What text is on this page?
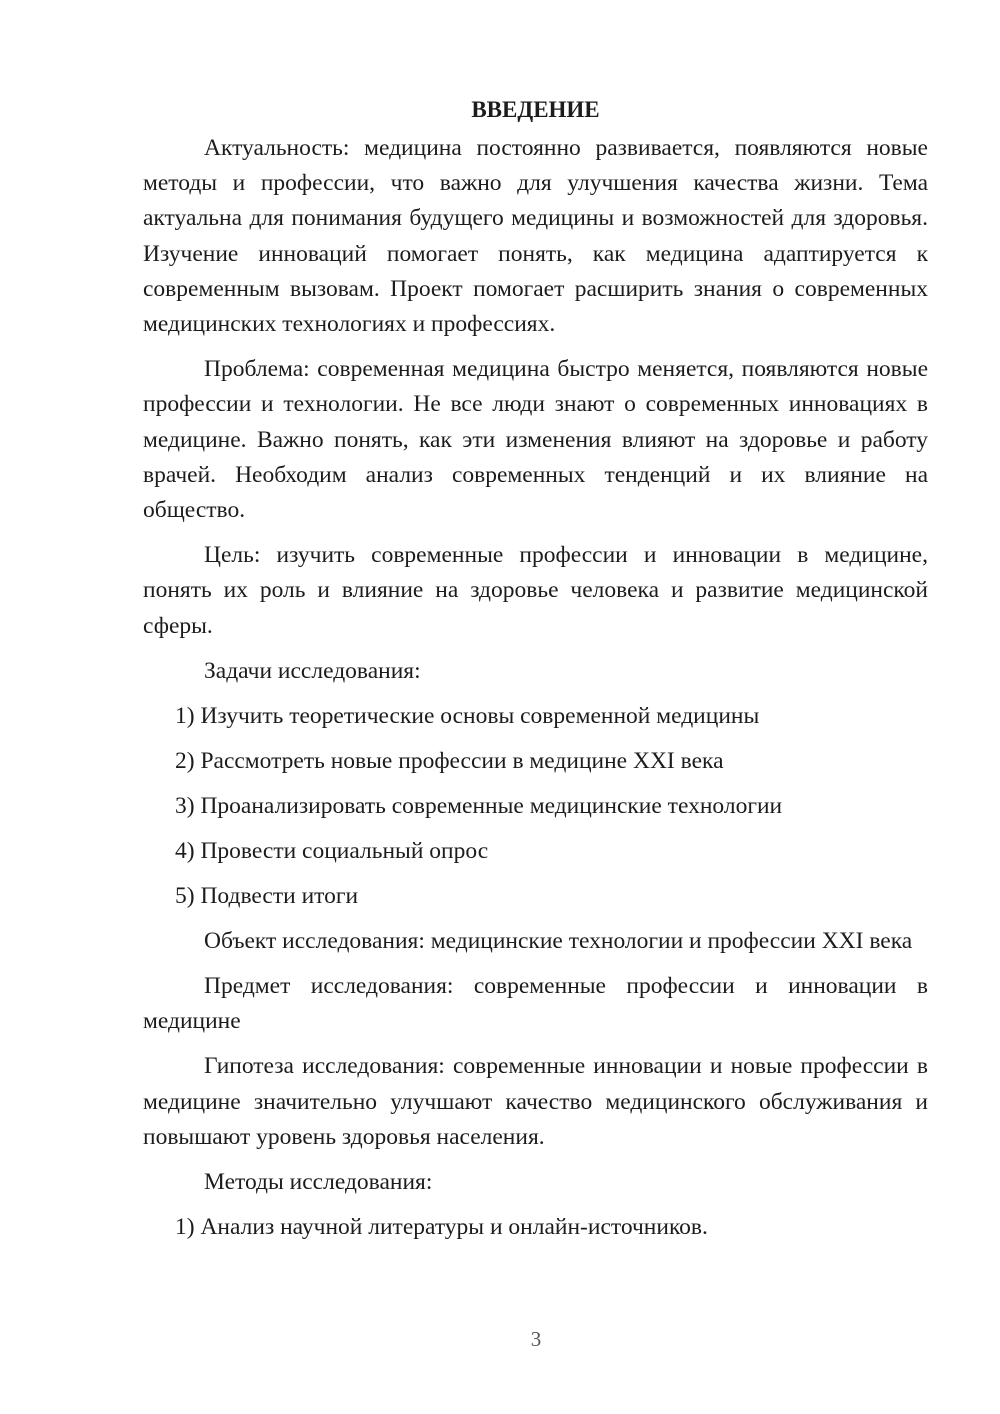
ВВЕДЕНИЕ

Актуальность: медицина постоянно развивается, появляются новые методы и профессии, что важно для улучшения качества жизни. Тема актуальна для понимания будущего медицины и возможностей для здоровья. Изучение инноваций помогает понять, как медицина адаптируется к современным вызовам. Проект помогает расширить знания о современных медицинских технологиях и профессиях.

Проблема: современная медицина быстро меняется, появляются новые профессии и технологии. Не все люди знают о современных инновациях в медицине. Важно понять, как эти изменения влияют на здоровье и работу врачей. Необходим анализ современных тенденций и их влияние на общество.

Цель: изучить современные профессии и инновации в медицине, понять их роль и влияние на здоровье человека и развитие медицинской сферы.

Задачи исследования:

1) Изучить теоретические основы современной медицины

2) Рассмотреть новые профессии в медицине XXI века

3) Проанализировать современные медицинские технологии

4) Провести социальный опрос

5) Подвести итоги

Объект исследования: медицинские технологии и профессии XXI века

Предмет исследования: современные профессии и инновации в медицине

Гипотеза исследования: современные инновации и новые профессии в медицине значительно улучшают качество медицинского обслуживания и повышают уровень здоровья населения.

Методы исследования:

1) Анализ научной литературы и онлайн-источников.

3
